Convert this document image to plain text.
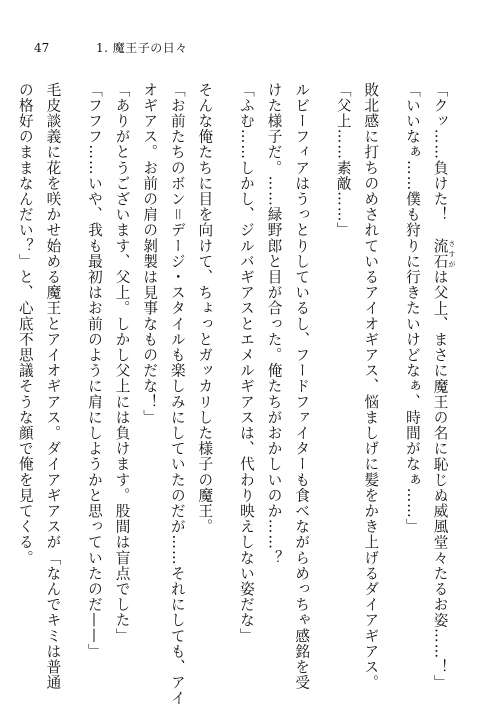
47	1. 魔王子の日々
「クッ……負けた！　流石 さすがは父上、まさに魔王の名に恥じぬ威風堂々たるお姿……！」
「いいなぁ……僕も狩りに行きたいけどなぁ、時間がなぁ……」
敗北感に打ちのめされているアイオギアス、悩ましげに髪をかき上げるダイアギアス。
「父上……素敵……」
ルビーフィアはうっとりしているし、フードファイターも食べながらめっちゃ感銘を受
けた様子だ。……緑野郎と目が合った。俺たちがおかしいのか……？
「ふむ……しかし、ジルバギアスとエメルギアスは、代わり映えしない姿だな」
そんな俺たちに目を向けて、ちょっとガッカリした様子の魔王。
「お前たちのボン＝デージ・スタイルも楽しみにしていたのだが……それにしても、アイ
オギアス。お前の肩の剝製は見事なものだな！」
「ありがとうございます、父上。しかし父上には負けます。股間は盲点でした」
「フフフ……いや、我も最初はお前のように肩にしようかと思っていたのだ——」
毛皮談義に花を咲かせ始める魔王とアイオギアス。ダイアギアスが「なんでキミは普通
の格好のままなんだい？」と、心底不思議そうな顔で俺を見てくる。
